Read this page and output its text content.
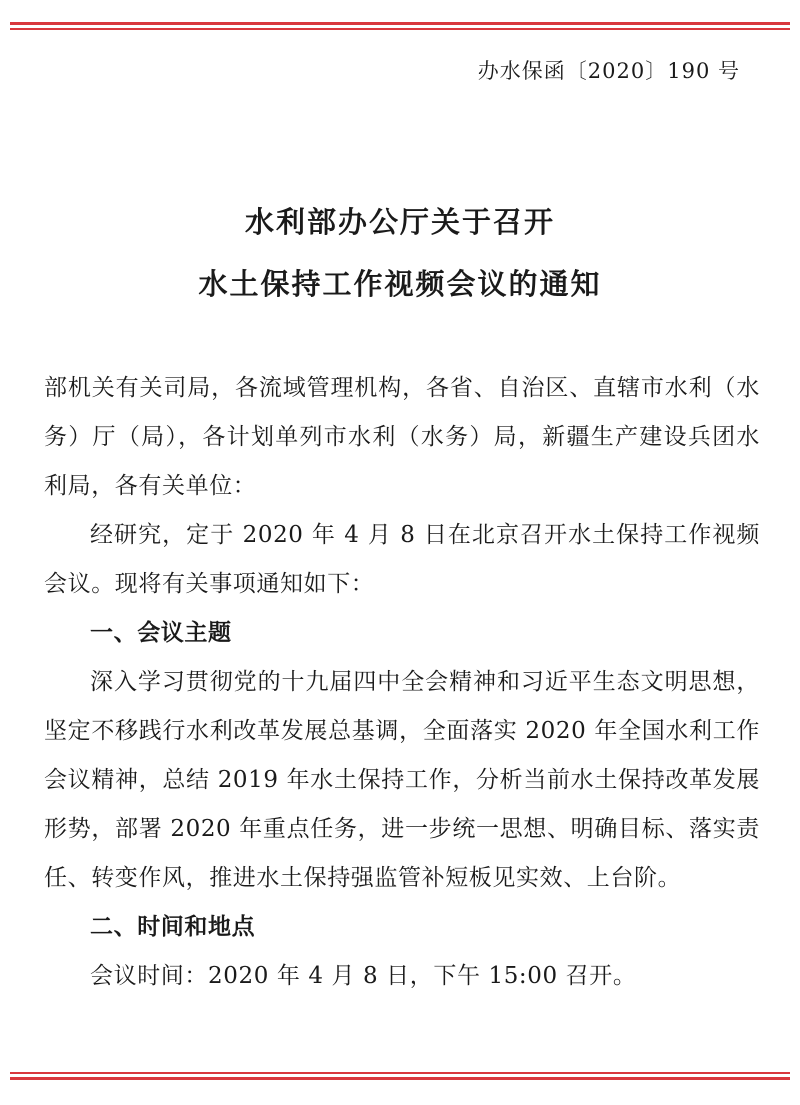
办水保函〔2020〕190 号
水利部办公厅关于召开
水土保持工作视频会议的通知

部机关有关司局，各流域管理机构，各省、自治区、直辖市水利（水务）厅（局），各计划单列市水利（水务）局，新疆生产建设兵团水利局，各有关单位：

经研究，定于 2020 年 4 月 8 日在北京召开水土保持工作视频会议。现将有关事项通知如下：

一、会议主题

深入学习贯彻党的十九届四中全会精神和习近平生态文明思想，坚定不移践行水利改革发展总基调，全面落实 2020 年全国水利工作会议精神，总结 2019 年水土保持工作，分析当前水土保持改革发展形势，部署 2020 年重点任务，进一步统一思想、明确目标、落实责任、转变作风，推进水土保持强监管补短板见实效、上台阶。

二、时间和地点

会议时间：2020 年 4 月 8 日，下午 15:00 召开。
